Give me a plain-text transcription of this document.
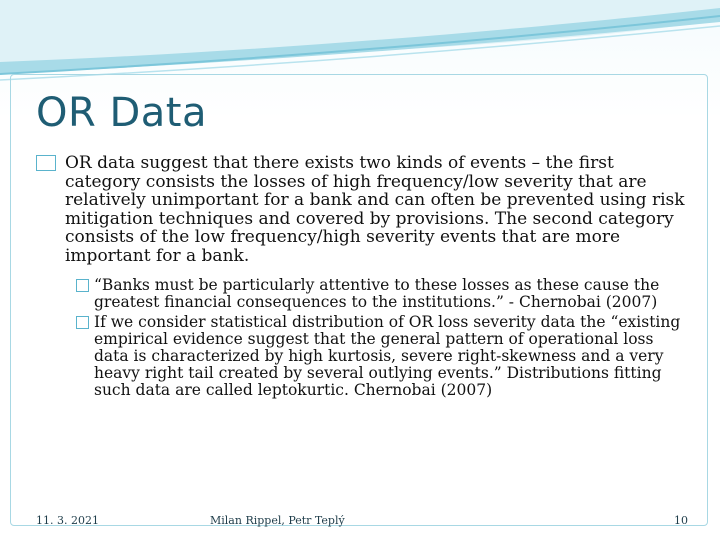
OR Data
OR data suggest that there exists two kinds of events – the first category consists the losses of high frequency/low severity that are relatively unimportant for a bank and can often be prevented using risk mitigation techniques and covered by provisions. The second category consists of the low frequency/high severity events that are more important for a bank.
“Banks must be particularly attentive to these losses as these cause the greatest financial consequences to the institutions.” - Chernobai (2007)
If we consider statistical distribution of OR loss severity data the “existing empirical evidence suggest that the general pattern of operational loss data is characterized by high kurtosis, severe right-skewness and a very heavy right tail created by several outlying events.” Distributions fitting such data are called leptokurtic. Chernobai (2007)
11. 3. 2021	Milan Rippel, Petr Teplý	10
